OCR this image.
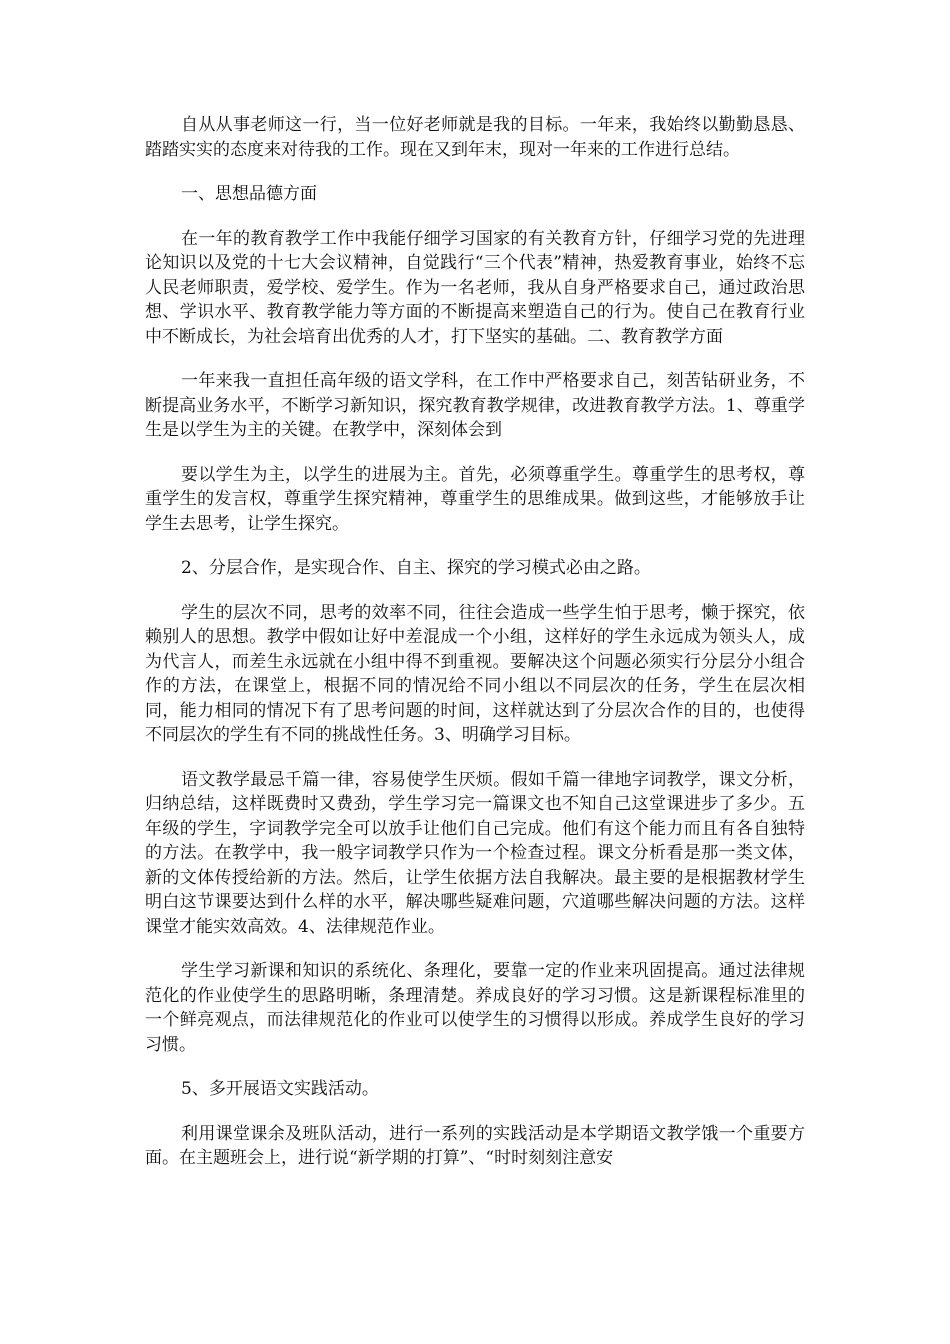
自从从事老师这一行，当一位好老师就是我的目标。一年来，我始终以勤勤恳恳、踏踏实实的态度来对待我的工作。现在又到年末，现对一年来的工作进行总结。

一、思想品德方面

在一年的教育教学工作中我能仔细学习国家的有关教育方针，仔细学习党的先进理论知识以及党的十七大会议精神，自觉践行“三个代表”精神，热爱教育事业，始终不忘人民老师职责，爱学校、爱学生。作为一名老师，我从自身严格要求自己，通过政治思想、学识水平、教育教学能力等方面的不断提高来塑造自己的行为。使自己在教育行业中不断成长，为社会培育出优秀的人才，打下坚实的基础。二、教育教学方面

一年来我一直担任高年级的语文学科，在工作中严格要求自己，刻苦钻研业务，不断提高业务水平，不断学习新知识，探究教育教学规律，改进教育教学方法。1、尊重学生是以学生为主的关键。在教学中，深刻体会到

要以学生为主，以学生的进展为主。首先，必须尊重学生。尊重学生的思考权，尊重学生的发言权，尊重学生探究精神，尊重学生的思维成果。做到这些，才能够放手让学生去思考，让学生探究。

2、分层合作，是实现合作、自主、探究的学习模式必由之路。

学生的层次不同，思考的效率不同，往往会造成一些学生怕于思考，懒于探究，依赖别人的思想。教学中假如让好中差混成一个小组，这样好的学生永远成为领头人，成为代言人，而差生永远就在小组中得不到重视。要解决这个问题必须实行分层分小组合作的方法，在课堂上，根据不同的情况给不同小组以不同层次的任务，学生在层次相同，能力相同的情况下有了思考问题的时间，这样就达到了分层次合作的目的，也使得不同层次的学生有不同的挑战性任务。3、明确学习目标。

语文教学最忌千篇一律，容易使学生厌烦。假如千篇一律地字词教学，课文分析，归纳总结，这样既费时又费劲，学生学习完一篇课文也不知自己这堂课进步了多少。五年级的学生，字词教学完全可以放手让他们自己完成。他们有这个能力而且有各自独特的方法。在教学中，我一般字词教学只作为一个检查过程。课文分析看是那一类文体，新的文体传授给新的方法。然后，让学生依据方法自我解决。最主要的是根据教材学生明白这节课要达到什么样的水平，解决哪些疑难问题，穴道哪些解决问题的方法。这样课堂才能实效高效。4、法律规范作业。

学生学习新课和知识的系统化、条理化，要靠一定的作业来巩固提高。通过法律规范化的作业使学生的思路明晰，条理清楚。养成良好的学习习惯。这是新课程标准里的一个鲜亮观点，而法律规范化的作业可以使学生的习惯得以形成。养成学生良好的学习习惯。

5、多开展语文实践活动。

利用课堂课余及班队活动，进行一系列的实践活动是本学期语文教学饿一个重要方面。在主题班会上，进行说“新学期的打算”、“时时刻刻注意安
